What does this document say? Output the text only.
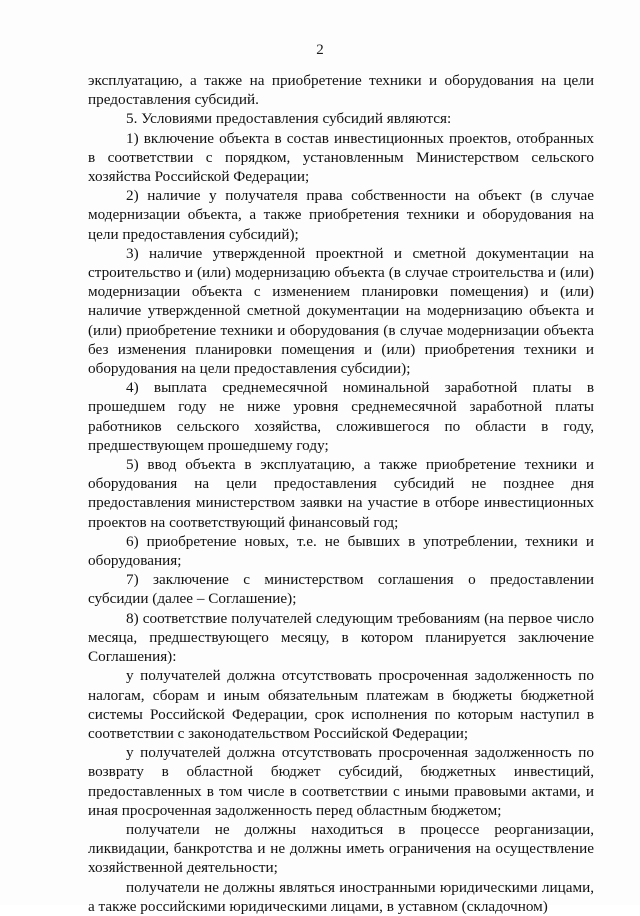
2

эксплуатацию, а также на приобретение техники и оборудования на цели предоставления субсидий.

5. Условиями предоставления субсидий являются:

1) включение объекта в состав инвестиционных проектов, отобранных в соответствии с порядком, установленным Министерством сельского хозяйства Российской Федерации;

2) наличие у получателя права собственности на объект (в случае модернизации объекта, а также приобретения техники и оборудования на цели предоставления субсидий);

3) наличие утвержденной проектной и сметной документации на строительство и (или) модернизацию объекта (в случае строительства и (или) модернизации объекта с изменением планировки помещения) и (или) наличие утвержденной сметной документации на модернизацию объекта и (или) приобретение техники и оборудования (в случае модернизации объекта без изменения планировки помещения и (или) приобретения техники и оборудования на цели предоставления субсидии);

4) выплата среднемесячной номинальной заработной платы в прошедшем году не ниже уровня среднемесячной заработной платы работников сельского хозяйства, сложившегося по области в году, предшествующем прошедшему году;

5) ввод объекта в эксплуатацию, а также приобретение техники и оборудования на цели предоставления субсидий не позднее дня предоставления министерством заявки на участие в отборе инвестиционных проектов на соответствующий финансовый год;

6) приобретение новых, т.е. не бывших в употреблении, техники и оборудования;

7) заключение с министерством соглашения о предоставлении субсидии (далее – Соглашение);

8) соответствие получателей следующим требованиям (на первое число месяца, предшествующего месяцу, в котором планируется заключение Соглашения):

у получателей должна отсутствовать просроченная задолженность по налогам, сборам и иным обязательным платежам в бюджеты бюджетной системы Российской Федерации, срок исполнения по которым наступил в соответствии с законодательством Российской Федерации;

у получателей должна отсутствовать просроченная задолженность по возврату в областной бюджет субсидий, бюджетных инвестиций, предоставленных в том числе в соответствии с иными правовыми актами, и иная просроченная задолженность перед областным бюджетом;

получатели не должны находиться в процессе реорганизации, ликвидации, банкротства и не должны иметь ограничения на осуществление хозяйственной деятельности;

получатели не должны являться иностранными юридическими лицами, а также российскими юридическими лицами, в уставном (складочном)
